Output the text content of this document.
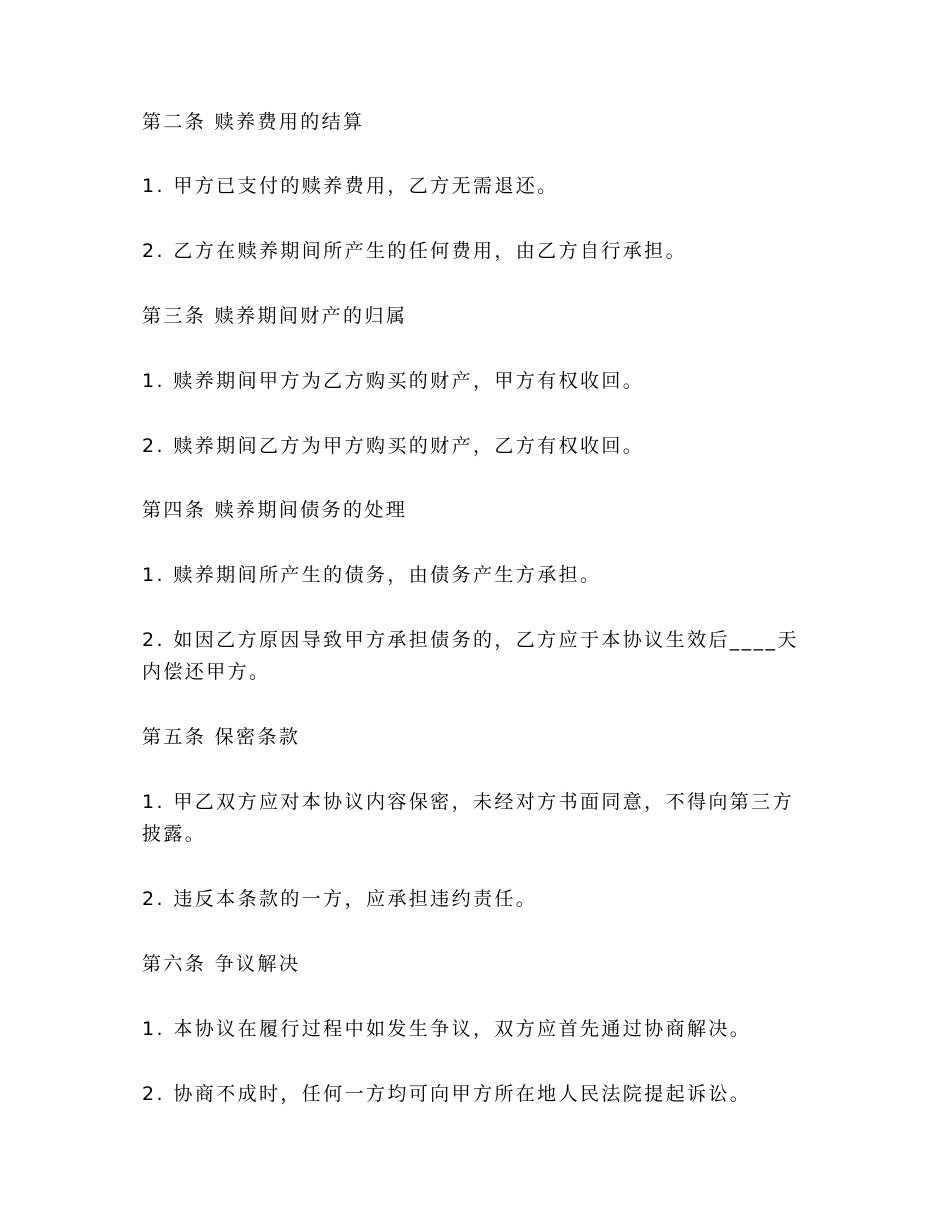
第二条 赎养费用的结算
1. 甲方已支付的赎养费用，乙方无需退还。
2. 乙方在赎养期间所产生的任何费用，由乙方自行承担。
第三条 赎养期间财产的归属
1. 赎养期间甲方为乙方购买的财产，甲方有权收回。
2. 赎养期间乙方为甲方购买的财产，乙方有权收回。
第四条 赎养期间债务的处理
1. 赎养期间所产生的债务，由债务产生方承担。
2. 如因乙方原因导致甲方承担债务的，乙方应于本协议生效后____天
内偿还甲方。
第五条 保密条款
1. 甲乙双方应对本协议内容保密，未经对方书面同意，不得向第三方
披露。
2. 违反本条款的一方，应承担违约责任。
第六条 争议解决
1. 本协议在履行过程中如发生争议，双方应首先通过协商解决。
2. 协商不成时，任何一方均可向甲方所在地人民法院提起诉讼。
